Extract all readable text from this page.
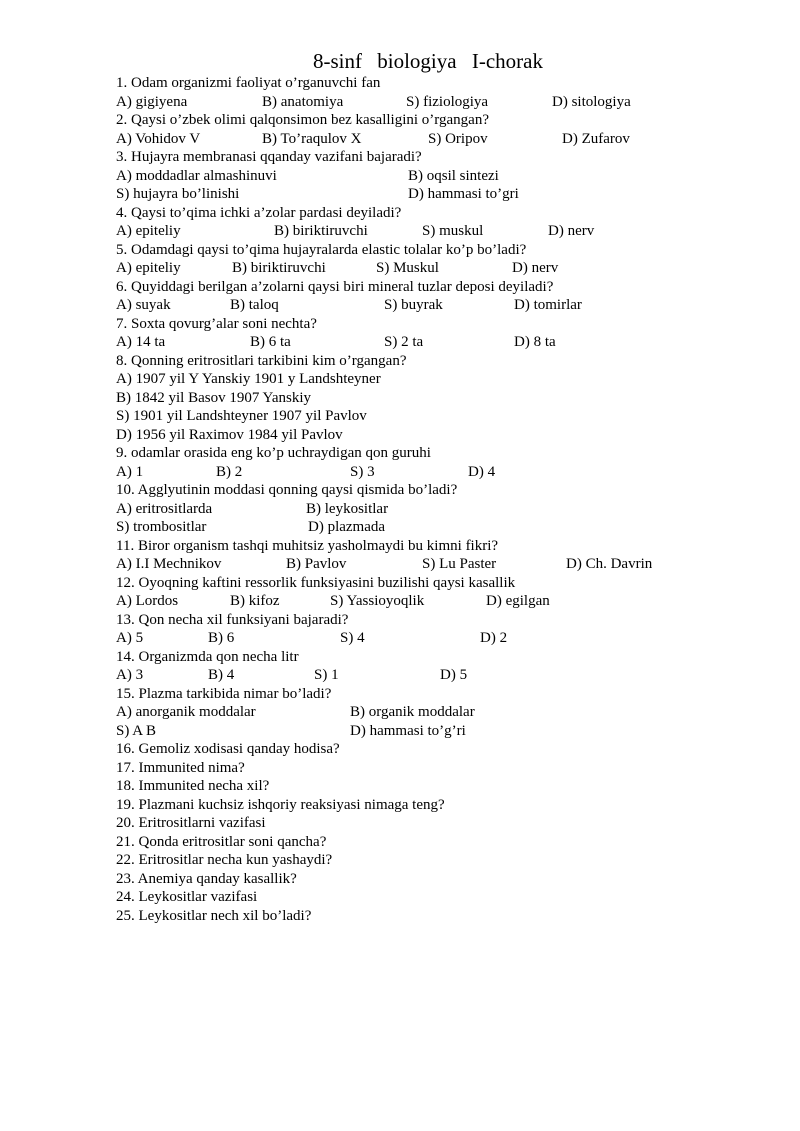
8-sinf biologiya I-chorak
1. Odam organizmi faoliyat o’rganuvchi fan
A) gigiyena	B) anatomiya	S) fiziologiya	D) sitologiya
2. Qaysi o’zbek olimi qalqonsimon bez kasalligini o’rgangan?
A) Vohidov V	B) To’raqulov X	S) Oripov	D) Zufarov
3. Hujayra membranasi qqanday vazifani bajaradi?
A) moddadlar almashinuvi	B) oqsil sintezi
S) hujayra bo’linishi	D) hammasi to’gri
4. Qaysi to’qima ichki a’zolar pardasi deyiladi?
A) epiteliy	B) biriktiruvchi	S) muskul	D) nerv
5. Odamdagi qaysi to’qima hujayralarda elastic tolalar ko’p bo’ladi?
A) epiteliy	B) biriktiruvchi	S) Muskul	D) nerv
6. Quyiddagi berilgan a’zolarni qaysi biri mineral tuzlar deposi deyiladi?
A) suyak	B) taloq	S) buyrak	D) tomirlar
7. Soxta qovurg’alar soni nechta?
A) 14 ta	B) 6 ta	S) 2 ta	D) 8 ta
8. Qonning eritrositlari tarkibini kim o’rgangan?
A) 1907 yil Y Yanskiy 1901 y Landshteyner
B) 1842 yil Basov 1907 Yanskiy
S) 1901 yil Landshteyner 1907 yil Pavlov
D) 1956 yil Raximov 1984 yil Pavlov
9. odamlar orasida eng ko’p uchraydigan qon guruhi
A) 1	B) 2	S) 3	D) 4
10. Agglyutinin moddasi qonning qaysi qismida bo’ladi?
A) eritrositlarda	B) leykositlar
S) trombositlar	D) plazmada
11. Biror organism tashqi muhitsiz yasholmaydi bu kimni fikri?
A) I.I Mechnikov	B) Pavlov	S) Lu Paster	D) Ch. Davrin
12. Oyoqning kaftini ressorlik funksiyasini buzilishi qaysi kasallik
A) Lordos	B) kifoz	S) Yassioyoqlik	D) egilgan
13. Qon necha xil funksiyani bajaradi?
A) 5	B) 6	S) 4	D) 2
14. Organizmda qon necha litr
A) 3	B) 4	S) 1	D) 5
15. Plazma tarkibida nimar bo’ladi?
A) anorganik moddalar	B) organik moddalar
S) A B	D) hammasi to’g’ri
16. Gemoliz xodisasi qanday hodisa?
17. Immunited nima?
18. Immunited necha xil?
19. Plazmani kuchsiz ishqoriy reaksiyasi nimaga teng?
20. Eritrositlarni vazifasi
21. Qonda eritrositlar soni qancha?
22. Eritrositlar necha kun yashaydi?
23. Anemiya qanday kasallik?
24. Leykositlar vazifasi
25. Leykositlar nech xil bo’ladi?
